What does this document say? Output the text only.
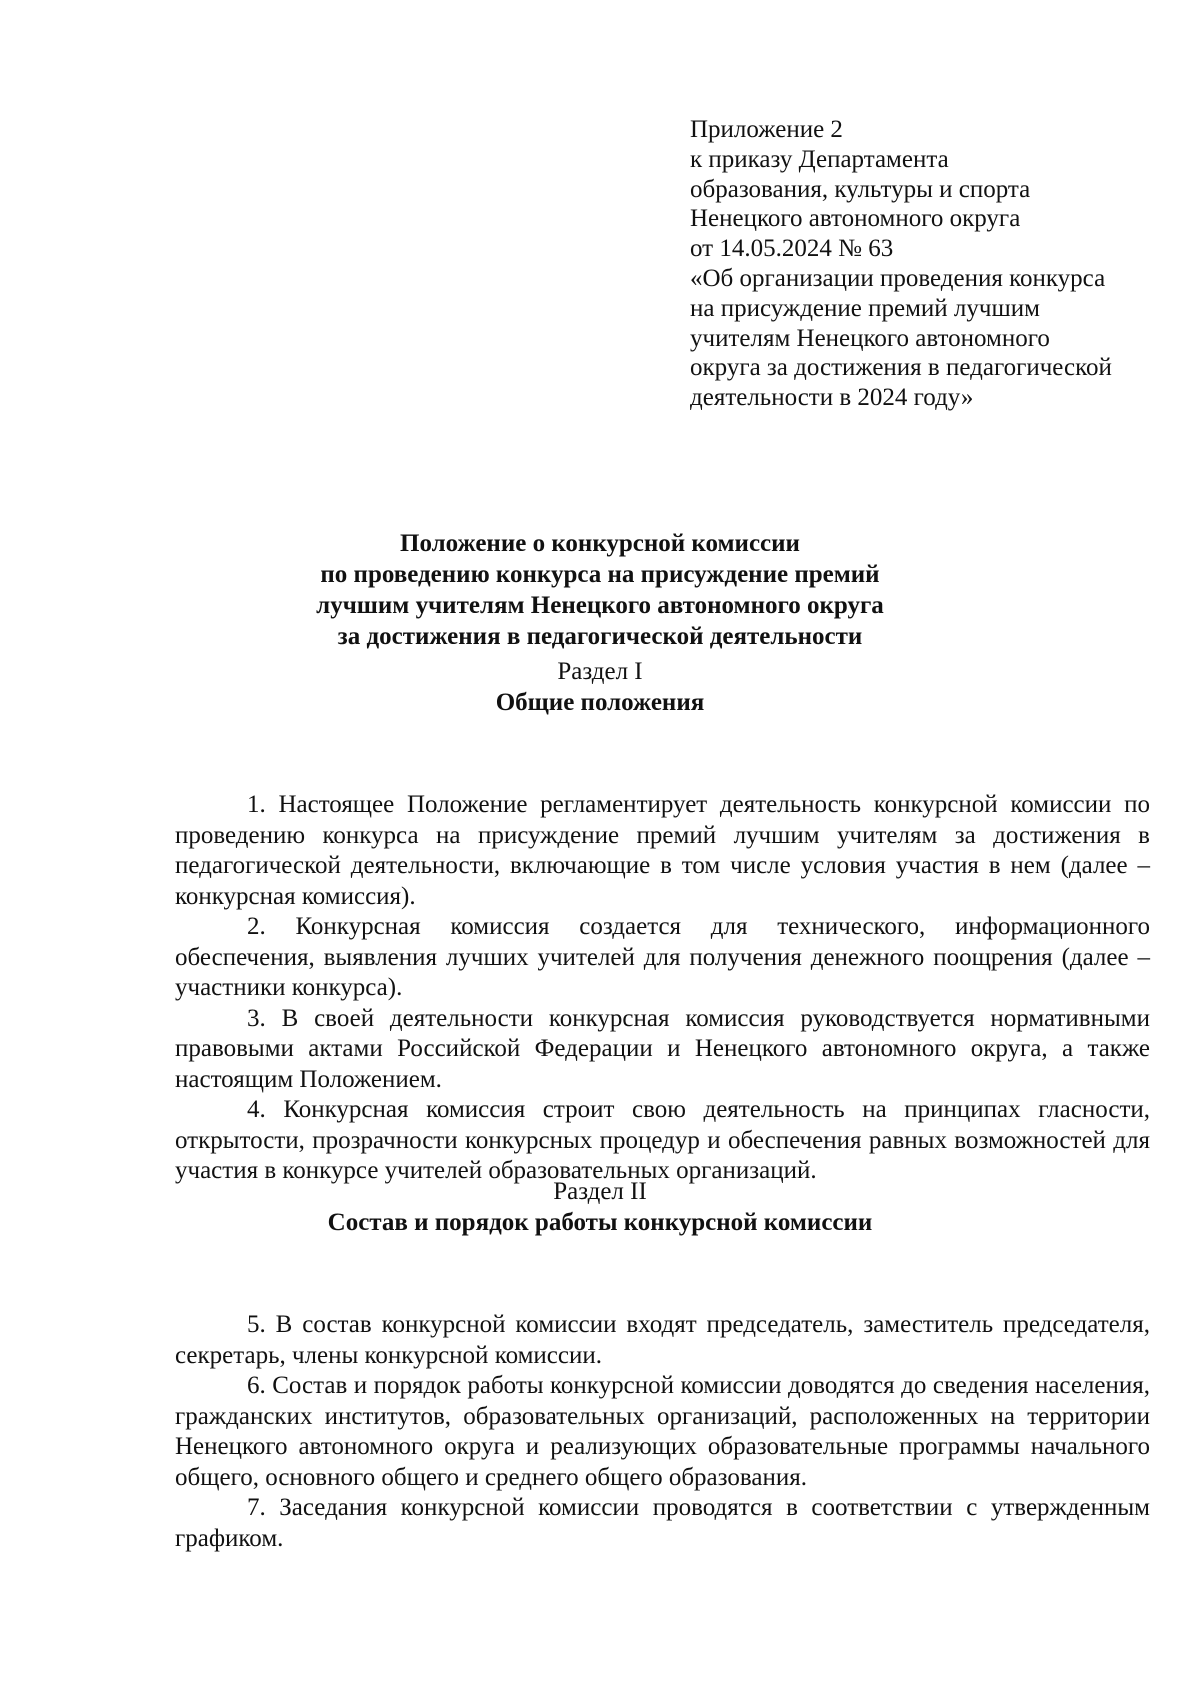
Приложение 2
к приказу Департамента
образования, культуры и спорта
Ненецкого автономного округа
от 14.05.2024 № 63
«Об организации проведения конкурса
на присуждение премий лучшим
учителям Ненецкого автономного
округа за достижения в педагогической
деятельности в 2024 году»
Положение о конкурсной комиссии
по проведению конкурса на присуждение премий
лучшим учителям Ненецкого автономного округа
за достижения в педагогической деятельности
Раздел I
Общие положения

1. Настоящее Положение регламентирует деятельность конкурсной комиссии по проведению конкурса на присуждение премий лучшим учителям за достижения в педагогической деятельности, включающие в том числе условия участия в нем (далее – конкурсная комиссия).

2. Конкурсная комиссия создается для технического, информационного обеспечения, выявления лучших учителей для получения денежного поощрения (далее – участники конкурса).

3. В своей деятельности конкурсная комиссия руководствуется нормативными правовыми актами Российской Федерации и Ненецкого автономного округа, а также настоящим Положением.

4. Конкурсная комиссия строит свою деятельность на принципах гласности, открытости, прозрачности конкурсных процедур и обеспечения равных возможностей для участия в конкурсе учителей образовательных организаций.

Раздел II
Состав и порядок работы конкурсной комиссии

5. В состав конкурсной комиссии входят председатель, заместитель председателя, секретарь, члены конкурсной комиссии.

6. Состав и порядок работы конкурсной комиссии доводятся до сведения населения, гражданских институтов, образовательных организаций, расположенных на территории Ненецкого автономного округа и реализующих образовательные программы начального общего, основного общего и среднего общего образования.

7. Заседания конкурсной комиссии проводятся в соответствии с утвержденным графиком.
